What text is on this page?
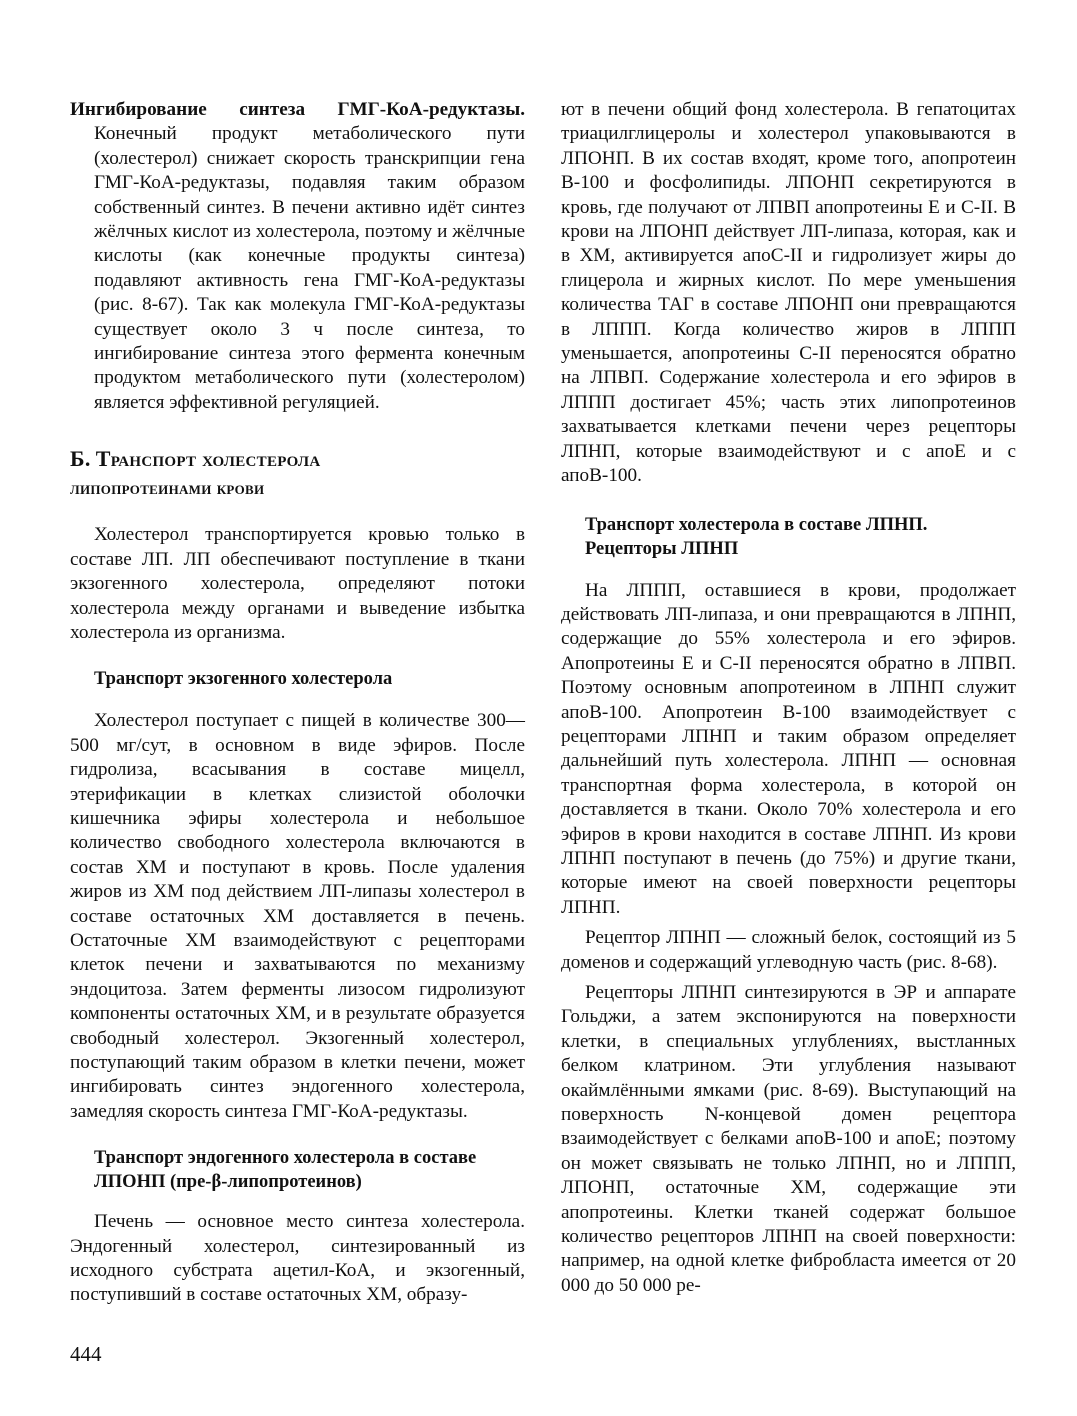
Ингибирование синтеза ГМГ-КоА-редуктазы. Конечный продукт метаболического пути (холестерол) снижает скорость транскрипции гена ГМГ-КоА-редуктазы, подавляя таким образом собственный синтез. В печени активно идёт синтез жёлчных кислот из холестерола, поэтому и жёлчные кислоты (как конечные продукты синтеза) подавляют активность гена ГМГ-КоА-редуктазы (рис. 8-67). Так как молекула ГМГ-КоА-редуктазы существует около 3 ч после синтеза, то ингибирование синтеза этого фермента конечным продуктом метаболического пути (холестеролом) является эффективной регуляцией.

Б. Транспорт холестерола
липопротеинами крови

Холестерол транспортируется кровью только в составе ЛП. ЛП обеспечивают поступление в ткани экзогенного холестерола, определяют потоки холестерола между органами и выведение избытка холестерола из организма.

Транспорт экзогенного холестерола

Холестерол поступает с пищей в количестве 300—500 мг/сут, в основном в виде эфиров. После гидролиза, всасывания в составе мицелл, этерификации в клетках слизистой оболочки кишечника эфиры холестерола и небольшое количество свободного холестерола включаются в состав ХМ и поступают в кровь. После удаления жиров из ХМ под действием ЛП-липазы холестерол в составе остаточных ХМ доставляется в печень. Остаточные ХМ взаимодействуют с рецепторами клеток печени и захватываются по механизму эндоцитоза. Затем ферменты лизосом гидролизуют компоненты остаточных ХМ, и в результате образуется свободный холестерол. Экзогенный холестерол, поступающий таким образом в клетки печени, может ингибировать синтез эндогенного холестерола, замедляя скорость синтеза ГМГ-КоА-редуктазы.

Транспорт эндогенного холестерола в составе
ЛПОНП (пре-β-липопротеинов)

Печень — основное место синтеза холестерола. Эндогенный холестерол, синтезированный из исходного субстрата ацетил-КоА, и экзогенный, поступивший в составе остаточных ХМ, образу-

ют в печени общий фонд холестерола. В гепатоцитах триацилглицеролы и холестерол упаковываются в ЛПОНП. В их состав входят, кроме того, апопротеин В-100 и фосфолипиды. ЛПОНП секретируются в кровь, где получают от ЛПВП апопротеины Е и С-II. В крови на ЛПОНП действует ЛП-липаза, которая, как и в ХМ, активируется апоС-II и гидролизует жиры до глицерола и жирных кислот. По мере уменьшения количества ТАГ в составе ЛПОНП они превращаются в ЛППП. Когда количество жиров в ЛППП уменьшается, апопротеины С-II переносятся обратно на ЛПВП. Содержание холестерола и его эфиров в ЛППП достигает 45%; часть этих липопротеинов захватывается клетками печени через рецепторы ЛПНП, которые взаимодействуют и с апоЕ и с апоВ-100.

Транспорт холестерола в составе ЛПНП.
Рецепторы ЛПНП

На ЛППП, оставшиеся в крови, продолжает действовать ЛП-липаза, и они превращаются в ЛПНП, содержащие до 55% холестерола и его эфиров. Апопротеины Е и С-II переносятся обратно в ЛПВП. Поэтому основным апопротеином в ЛПНП служит апоВ-100. Апопротеин В-100 взаимодействует с рецепторами ЛПНП и таким образом определяет дальнейший путь холестерола. ЛПНП — основная транспортная форма холестерола, в которой он доставляется в ткани. Около 70% холестерола и его эфиров в крови находится в составе ЛПНП. Из крови ЛПНП поступают в печень (до 75%) и другие ткани, которые имеют на своей поверхности рецепторы ЛПНП.

Рецептор ЛПНП — сложный белок, состоящий из 5 доменов и содержащий углеводную часть (рис. 8-68).

Рецепторы ЛПНП синтезируются в ЭР и аппарате Гольджи, а затем экспонируются на поверхности клетки, в специальных углублениях, выстланных белком клатрином. Эти углубления называют окаймлёнными ямками (рис. 8-69). Выступающий на поверхность N-концевой домен рецептора взаимодействует с белками апоВ-100 и апоЕ; поэтому он может связывать не только ЛПНП, но и ЛППП, ЛПОНП, остаточные ХМ, содержащие эти апопротеины. Клетки тканей содержат большое количество рецепторов ЛПНП на своей поверхности: например, на одной клетке фибробласта имеется от 20 000 до 50 000 ре-

444
